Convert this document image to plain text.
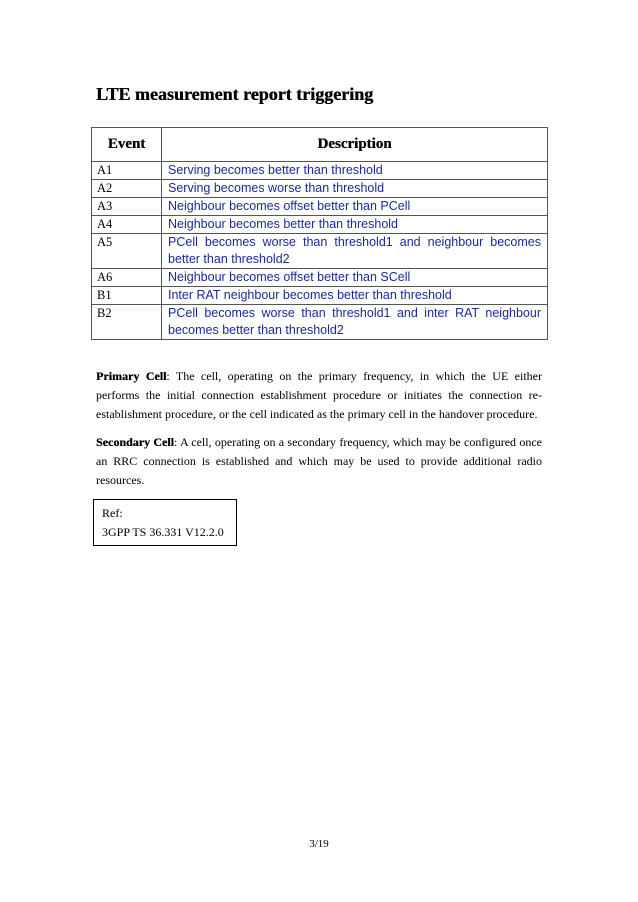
LTE measurement report triggering
Event	Description
A1	Serving becomes better than threshold
A2	Serving becomes worse than threshold
A3	Neighbour becomes offset better than PCell
A4	Neighbour becomes better than threshold
A5	PCell becomes worse than threshold1 and neighbour becomes better than threshold2
A6	Neighbour becomes offset better than SCell
B1	Inter RAT neighbour becomes better than threshold
B2	PCell becomes worse than threshold1 and inter RAT neighbour becomes better than threshold2

Primary Cell: The cell, operating on the primary frequency, in which the UE either performs the initial connection establishment procedure or initiates the connection re-establishment procedure, or the cell indicated as the primary cell in the handover procedure.

Secondary Cell: A cell, operating on a secondary frequency, which may be configured once an RRC connection is established and which may be used to provide additional radio resources.

Ref:
3GPP TS 36.331 V12.2.0
3/19
